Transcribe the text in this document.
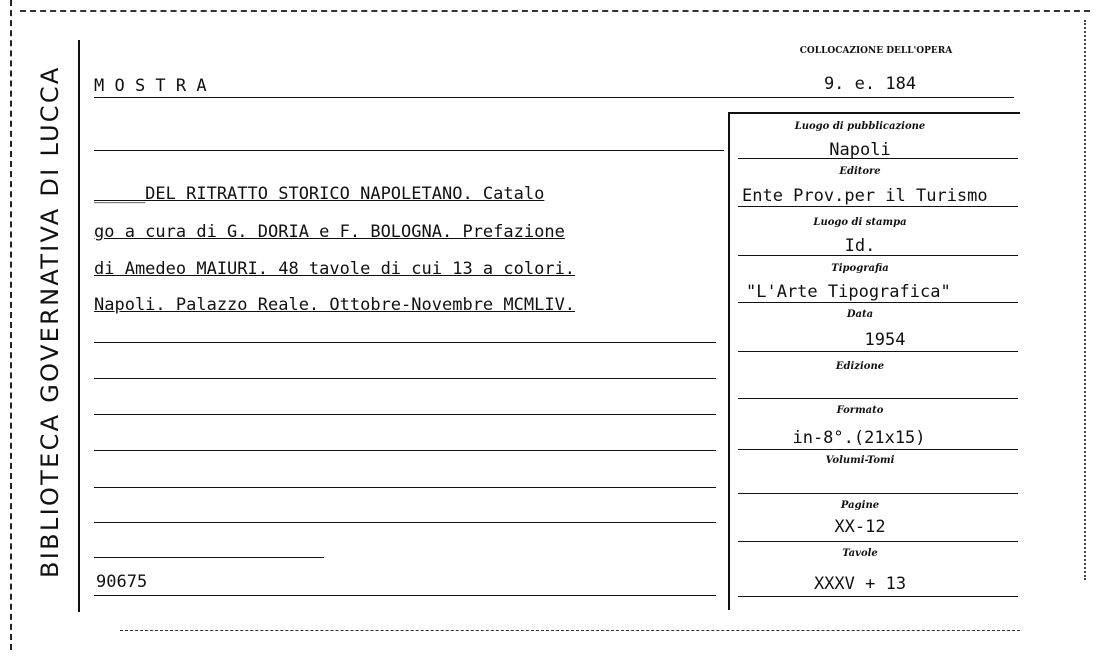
BIBLIOTECA GOVERNATIVA DI LUCCA
COLLOCAZIONE DELL'OPERA
9. e. 184
M O S T R A
_____DEL RITRATTO STORICO NAPOLETANO. Catalo
go a cura di G. DORIA e F. BOLOGNA. Prefazione
di Amedeo MAIURI. 48 tavole di cui 13 a colori.
Napoli. Palazzo Reale. Ottobre-Novembre MCMLIV.
90675
Luogo di pubblicazione
Napoli
Editore
Ente Prov.per il Turismo
Luogo di stampa
Id.
Tipografia
"L'Arte Tipografica"
Data
1954
Edizione
Formato
in-8°.(21x15)
Volumi-Tomi
Pagine
XX-12
Tavole
XXXV + 13
